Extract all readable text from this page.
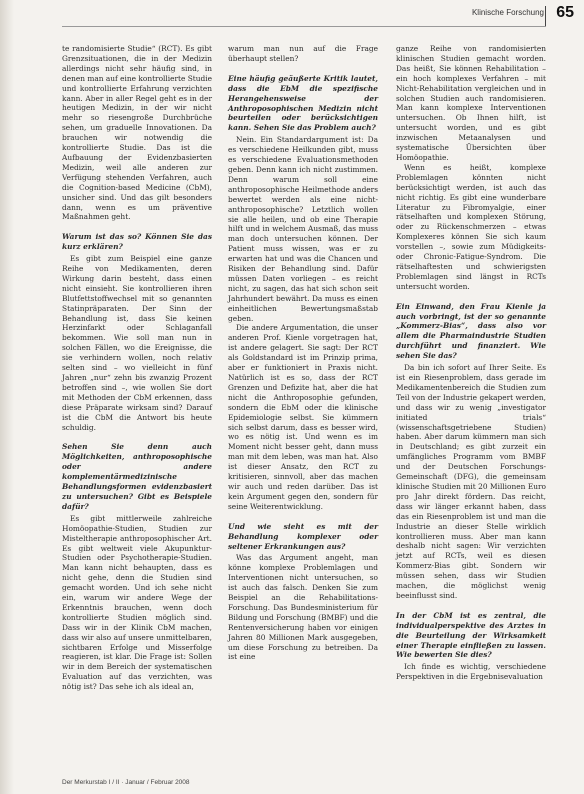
Klinische Forschung 65

te randomisierte Studie“ (RCT). Es gibt Grenzsituationen, die in der Medizin allerdings nicht sehr häufig sind, in denen man auf eine kontrollierte Studie und kontrollierte Erfahrung verzichten kann. Aber in aller Regel geht es in der heutigen Medizin, in der wir nicht mehr so riesengroße Durchbrüche sehen, um graduelle Innovationen. Da brauchen wir notwendig die kontrollierte Studie. Das ist die Aufbauung der Evidenzbasierten Medizin, weil alle anderen zur Verfügung stehenden Verfahren, auch die Cognition-based Medicine (CbM), unsicher sind. Und das gilt besonders dann, wenn es um präventive Maßnahmen geht.

Warum ist das so? Können Sie das kurz erklären?

Es gibt zum Beispiel eine ganze Reihe von Medikamenten, deren Wirkung darin besteht, dass einen nicht einsieht. Sie kontrollieren ihren Blutfettstoffwechsel mit so genannten Statinpräparaten. Der Sinn der Behandlung ist, dass Sie keinen Herzinfarkt oder Schlaganfall bekommen. Wie soll man nun in solchen Fällen, wo die Ereignisse, die sie verhindern wollen, noch relativ selten sind – wo vielleicht in fünf Jahren „nur“ zehn bis zwanzig Prozent betroffen sind –, wie wollen Sie dort mit Methoden der CbM erkennen, dass diese Präparate wirksam sind? Darauf ist die CbM die Antwort bis heute schuldig.

Sehen Sie denn auch Möglichkeiten, anthroposophische oder andere komplementärmedizinische Behandlungsformen evidenzbasiert zu untersuchen? Gibt es Beispiele dafür?

Es gibt mittlerweile zahlreiche Homöopathie-Studien, Studien zur Misteltherapie anthroposophischer Art. Es gibt weltweit viele Akupunktur-Studien oder Psychotherapie-Studien. Man kann nicht behaupten, dass es nicht gehe, denn die Studien sind gemacht worden. Und ich sehe nicht ein, warum wir andere Wege der Erkenntnis brauchen, wenn doch kontrollierte Studien möglich sind. Dass wir in der Klinik CbM machen, dass wir also auf unsere unmittelbaren, sichtbaren Erfolge und Misserfolge reagieren, ist klar. Die Frage ist: Sollen wir in dem Bereich der systematischen Evaluation auf das verzichten, was nötig ist? Das sehe ich als ideal an,

warum man nun auf die Frage überhaupt stellen?

Eine häufig geäußerte Kritik lautet, dass die EbM die spezifische Herangehensweise der Anthroposophischen Medizin nicht beurteilen oder berücksichtigen kann. Sehen Sie das Problem auch?

Nein. Ein Standardargument ist: Da es verschiedene Heilkunden gibt, muss es verschiedene Evaluationsmethoden geben. Denn kann ich nicht zustimmen. Denn warum soll eine anthroposophische Heilmethode anders bewertet werden als eine nicht-anthroposophische? Letztlich wollen sie alle heilen, und ob eine Therapie hilft und in welchem Ausmaß, das muss man doch untersuchen können. Der Patient muss wissen, was er zu erwarten hat und was die Chancen und Risiken der Behandlung sind. Dafür müssen Daten vorliegen – es reicht nicht, zu sagen, das hat sich schon seit Jahrhundert bewährt. Da muss es einen einheitlichen Bewertungsmaßstab geben.

Die andere Argumentation, die unser anderen Prof. Kienle vorgetragen hat, ist andere gelagert. Sie sagt: Der RCT als Goldstandard ist im Prinzip prima, aber er funktioniert in Praxis nicht. Natürlich ist es so, dass der RCT Grenzen und Defizite hat, aber die hat nicht die Anthroposophie gefunden, sondern die EbM oder die klinische Epidemiologie selbst. Sie kümmern sich selbst darum, dass es besser wird, wo es nötig ist. Und wenn es im Moment nicht besser geht, dann muss man mit dem leben, was man hat. Also ist dieser Ansatz, den RCT zu kritisieren, sinnvoll, aber das machen wir auch und reden darüber. Das ist kein Argument gegen den, sondern für seine Weiterentwicklung.

Und wie sieht es mit der Behandlung komplexer oder seltener Erkrankungen aus?

Was das Argument angeht, man könne komplexe Problemlagen und Interventionen nicht untersuchen, so ist auch das falsch. Denken Sie zum Beispiel an die Rehabilitations-Forschung. Das Bundesministerium für Bildung und Forschung (BMBF) und die Rentenversicherung haben vor einigen Jahren 80 Millionen Mark ausgegeben, um diese Forschung zu betreiben. Da ist eine

ganze Reihe von randomisierten klinischen Studien gemacht worden. Das heißt, Sie können Rehabilitation – ein hoch komplexes Verfahren – mit Nicht-Rehabilitation vergleichen und in solchen Studien auch randomisieren. Man kann komplexe Interventionen untersuchen. Ob Ihnen hilft, ist untersucht worden, und es gibt inzwischen Metaanalysen und systematische Übersichten über Homöopathie.

Wenn es heißt, komplexe Problemlagen könnten nicht berücksichtigt werden, ist auch das nicht richtig. Es gibt eine wunderbare Literatur zu Fibromyalgie, einer rätselhaften und komplexen Störung, oder zu Rückenschmerzen – etwas Komplexeres können Sie sich kaum vorstellen –, sowie zum Müdigkeits- oder Chronic-Fatigue-Syndrom. Die rätselhaftesten und schwierigsten Problemlagen sind längst in RCTs untersucht worden.

Ein Einwand, den Frau Kienle ja auch vorbringt, ist der so genannte „Kommerz-Bias“, dass also vor allem die Pharmaindustrie Studien durchführt und finanziert. Wie sehen Sie das?

Da bin ich sofort auf Ihrer Seite. Es ist ein Riesenproblem, dass gerade im Medikamentenbereich die Studien zum Teil von der Industrie gekapert werden, und dass wir zu wenig „investigator initiated trials“ (wissenschaftsgetriebene Studien) haben. Aber darum kümmern man sich in Deutschland; es gibt zurzeit ein umfängliches Programm vom BMBF und der Deutschen Forschungs-Gemeinschaft (DFG), die gemeinsam klinische Studien mit 20 Millionen Euro pro Jahr direkt fördern. Das reicht, dass wir länger erkannt haben, dass das ein Riesenproblem ist und man die Industrie an dieser Stelle wirklich kontrollieren muss. Aber man kann deshalb nicht sagen: Wir verzichten jetzt auf RCTs, weil es diesen Kommerz-Bias gibt. Sondern wir müssen sehen, dass wir Studien machen, die möglichst wenig beeinflusst sind.

In der CbM ist es zentral, die individualperspektive des Arztes in die Beurteilung der Wirksamkeit einer Therapie einfließen zu lassen. Wie bewerten Sie dies?

Ich finde es wichtig, verschiedene Perspektiven in die Ergebnisevaluation

Der Merkurstab I / II · Januar / Februar 2008
